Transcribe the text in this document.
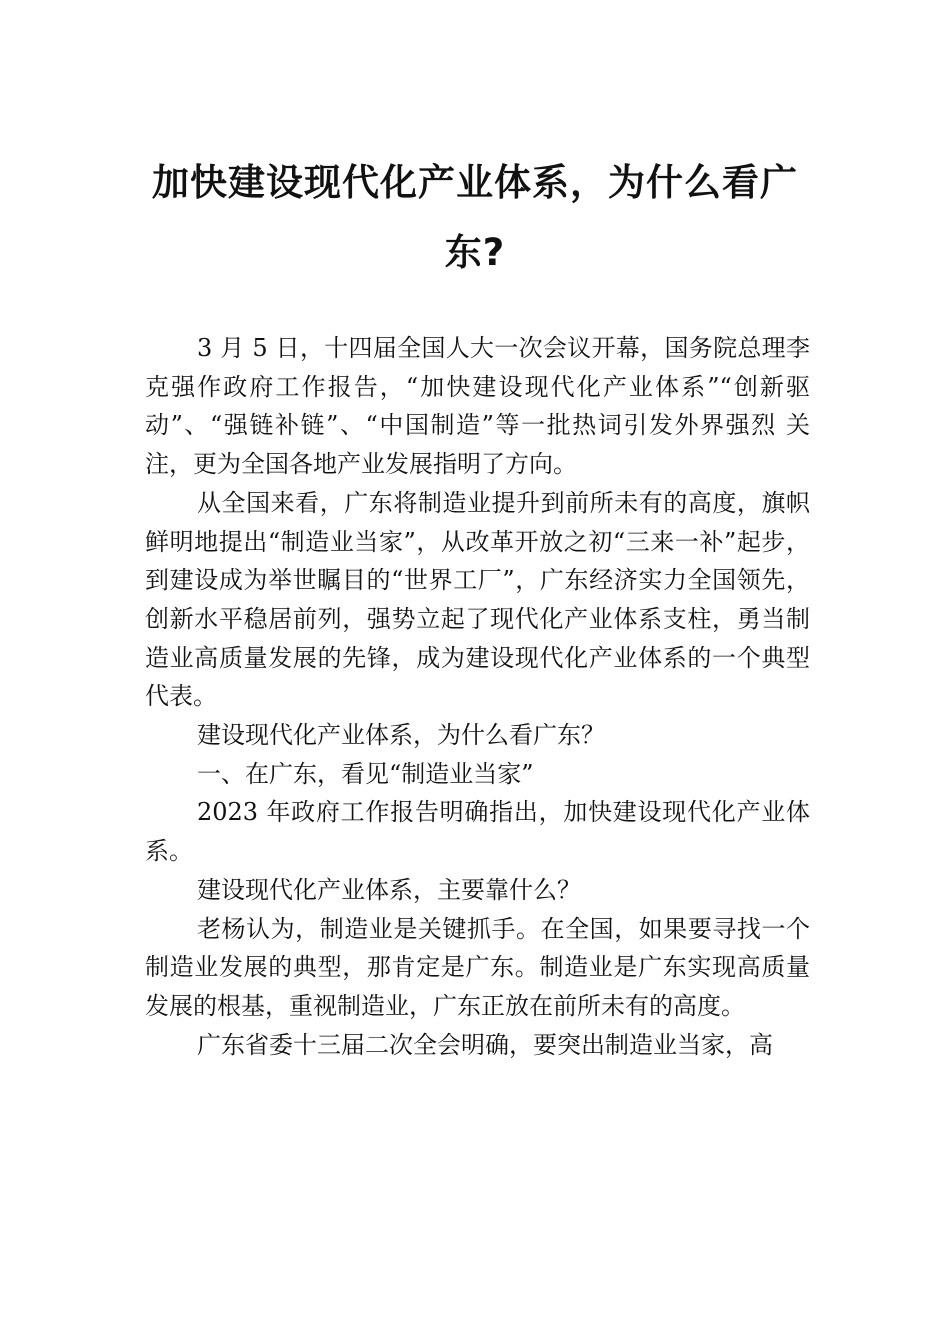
加快建设现代化产业体系，为什么看广东?

3 月 5 日，十四届全国人大一次会议开幕，国务院总理李克强作政府工作报告，“加快建设现代化产业体系”“创新驱动”、“强链补链”、“中国制造”等一批热词引发外界强烈 关注，更为全国各地产业发展指明了方向。

从全国来看，广东将制造业提升到前所未有的高度，旗帜鲜明地提出“制造业当家”，从改革开放之初“三来一补”起步，到建设成为举世瞩目的“世界工厂”，广东经济实力全国领先，创新水平稳居前列，强势立起了现代化产业体系支柱，勇当制造业高质量发展的先锋，成为建设现代化产业体系的一个典型代表。

建设现代化产业体系，为什么看广东？

一、在广东，看见“制造业当家”

2023 年政府工作报告明确指出，加快建设现代化产业体系。

建设现代化产业体系，主要靠什么？

老杨认为，制造业是关键抓手。在全国，如果要寻找一个制造业发展的典型，那肯定是广东。制造业是广东实现高质量发展的根基，重视制造业，广东正放在前所未有的高度。

广东省委十三届二次全会明确，要突出制造业当家，高
